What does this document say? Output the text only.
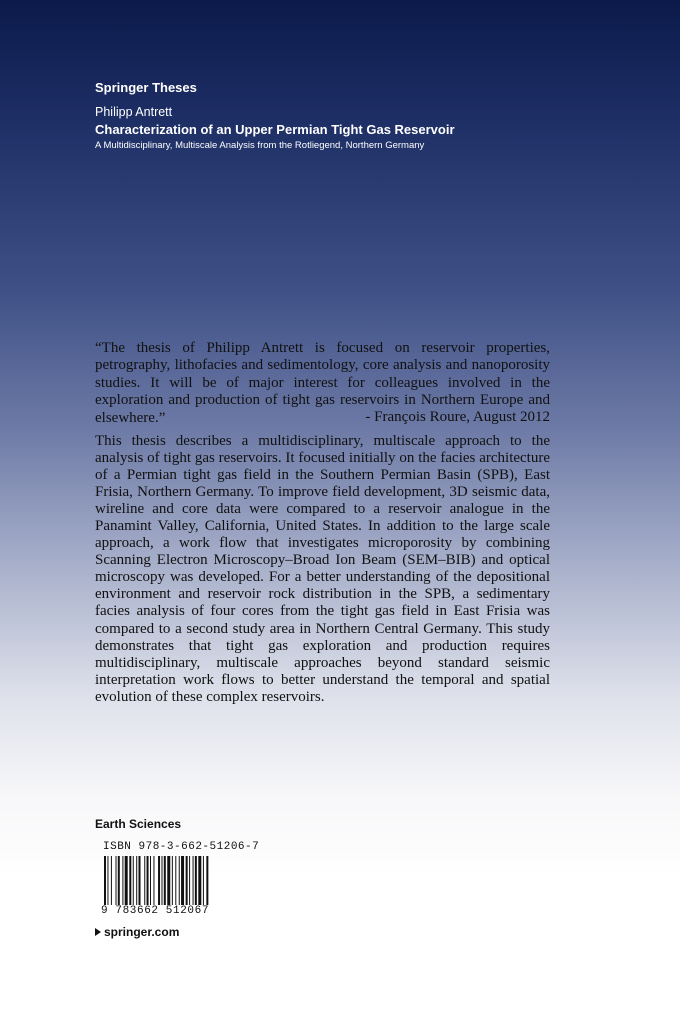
Springer Theses
Philipp Antrett
Characterization of an Upper Permian Tight Gas Reservoir
A Multidisciplinary, Multiscale Analysis from the Rotliegend, Northern Germany
“The thesis of Philipp Antrett is focused on reservoir properties, petrography, lithofacies and sedimentology, core analysis and nanoporosity studies. It will be of major interest for colleagues involved in the exploration and production of tight gas reservoirs in Northern Europe and elsewhere.”	- François Roure, August 2012
This thesis describes a multidisciplinary, multiscale approach to the analysis of tight gas reservoirs. It focused initially on the facies architecture of a Permian tight gas field in the Southern Permian Basin (SPB), East Frisia, Northern Germany. To improve field development, 3D seismic data, wireline and core data were compared to a reservoir analogue in the Panamint Valley, California, United States. In addition to the large scale approach, a work flow that investigates microporosity by combining Scanning Electron Microscopy–Broad Ion Beam (SEM–BIB) and optical microscopy was developed. For a better understanding of the depositional environment and reservoir rock distribution in the SPB, a sedimentary facies analysis of four cores from the tight gas field in East Frisia was compared to a second study area in Northern Central Germany. This study demonstrates that tight gas exploration and production requires multidisciplinary, multiscale approaches beyond standard seismic interpretation work flows to better understand the temporal and spatial evolution of these complex reservoirs.
Earth Sciences
ISBN 978-3-662-51206-7
9 783662 512067
springer.com
